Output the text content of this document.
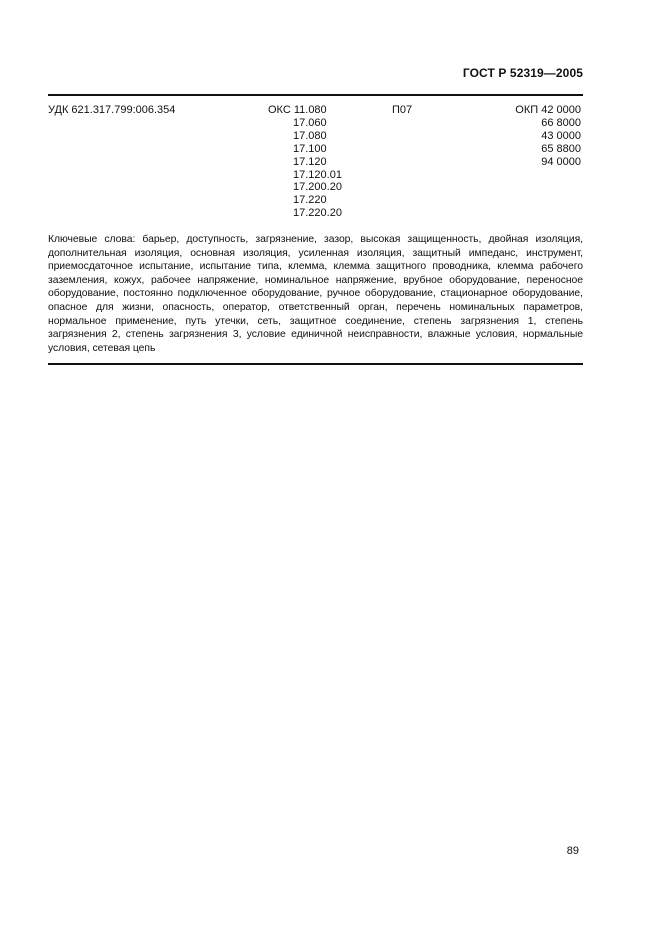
ГОСТ Р 52319—2005
УДК 621.317.799:006.354	ОКС 11.080
17.060
17.080
17.100
17.120
17.120.01
17.200.20
17.220
17.220.20
П07	ОКП 42 0000
66 8000
43 0000
65 8800
94 0000
Ключевые слова: барьер, доступность, загрязнение, зазор, высокая защищенность, двойная изоляция, дополнительная изоляция, основная изоляция, усиленная изоляция, защитный импеданс, инструмент, приемосдаточное испытание, испытание типа, клемма, клемма защитного проводника, клемма рабочего заземления, кожух, рабочее напряжение, номинальное напряжение, врубное оборудование, переносное оборудование, постоянно подключенное оборудование, ручное оборудование, стационарное оборудование, опасное для жизни, опасность, оператор, ответственный орган, перечень номинальных параметров, нормальное применение, путь утечки, сеть, защитное соединение, степень загрязнения 1, степень загрязнения 2, степень загрязнения 3, условие единичной неисправности, влажные условия, нормальные условия, сетевая цепь
89
